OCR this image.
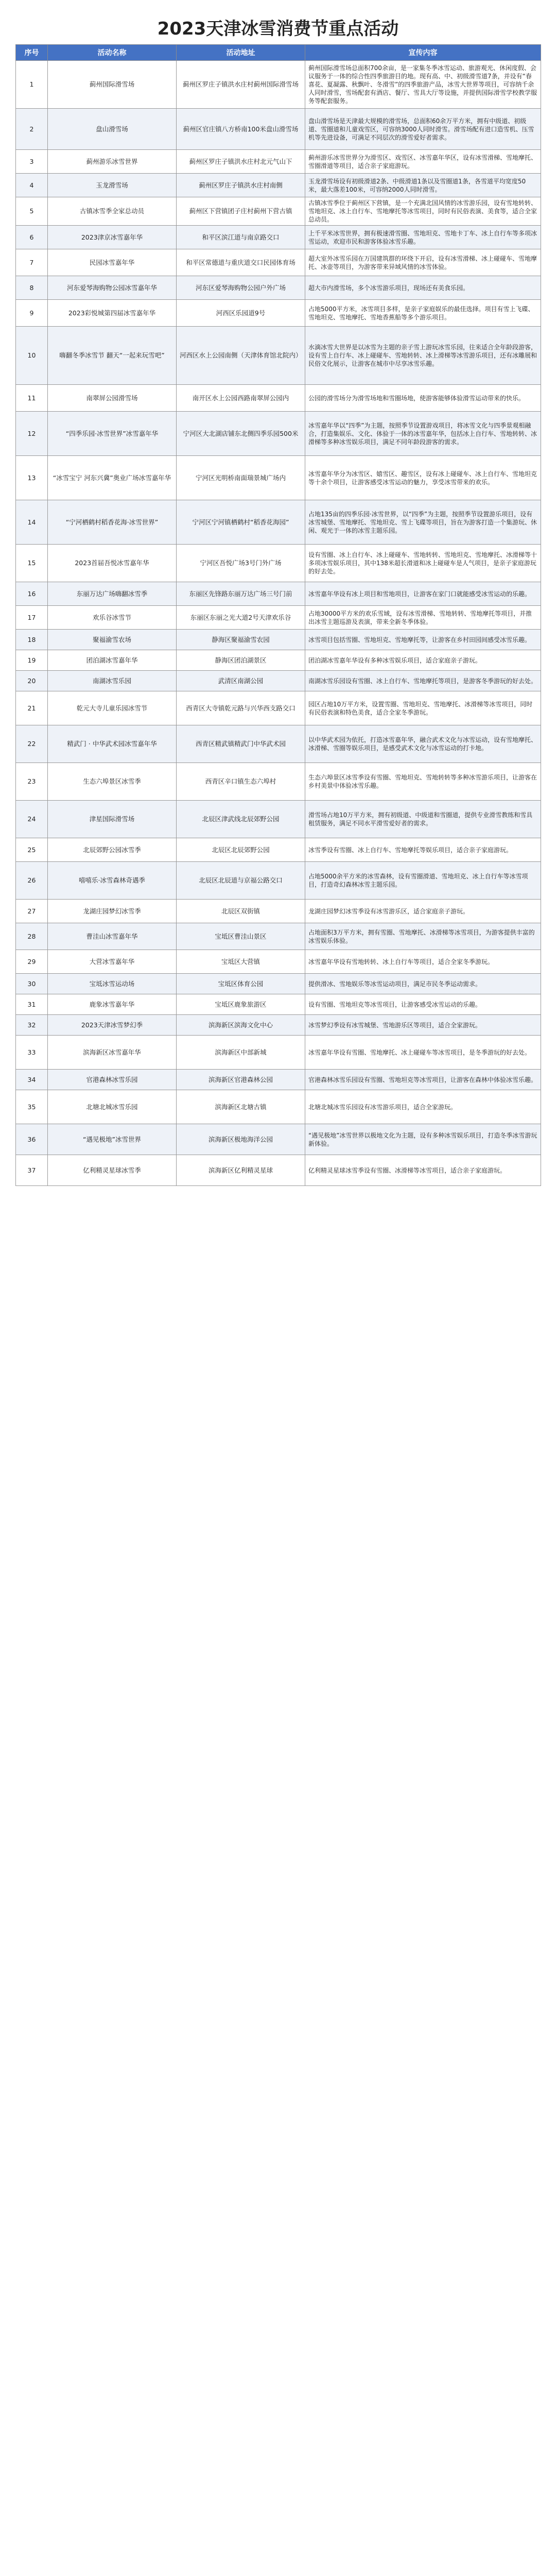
2023天津冰雪消费节重点活动
序号	活动名称	活动地址	宣传内容
1	蓟州国际滑雪场	蓟州区罗庄子镇洪水庄村蓟州国际滑雪场	蓟州国际滑雪场总面积700余亩，是一家集冬季冰雪运动、旅游观光、休闲度假、会议服务于一体的综合性四季旅游目的地。现有高、中、初级滑雪道7条，并设有“春喜花、夏凝露、秋飘叶、冬滑雪”的四季旅游产品，冰雪大世界等项目，可容纳千余人同时滑雪，雪场配套有酒店、餐厅、雪具大厅等设施，并提供国际滑雪学校教学服务等配套服务。
2	盘山滑雪场	蓟州区官庄镇八方桥南100米盘山滑雪场	盘山滑雪场是天津最大规模的滑雪场，总面积60余万平方米，拥有中级道、初级道、雪圈道和儿童戏雪区，可容纳3000人同时滑雪。滑雪场配有进口造雪机、压雪机等先进设备，可满足不同层次的滑雪爱好者需求。
3	蓟州游乐冰雪世界	蓟州区罗庄子镇洪水庄村北元气山下	蓟州游乐冰雪世界分为滑雪区、戏雪区、冰雪嘉年华区，设有冰雪滑梯、雪地摩托、雪圈滑道等项目，适合亲子家庭游玩。
4	玉龙滑雪场	蓟州区罗庄子镇洪水庄村南侧	玉龙滑雪场设有初级滑道2条、中级滑道1条以及雪圈道1条，各雪道平均宽度50米，最大落差100米，可容纳2000人同时滑雪。
5	古镇冰雪季全家总动员	蓟州区下营镇团子庄村蓟州下营古镇	古镇冰雪季位于蓟州区下营镇，是一个充满北国风情的冰雪游乐园，设有雪地转转、雪地坦克、冰上自行车、雪地摩托等冰雪项目，同时有民俗表演、美食等，适合全家总动员。
6	2023津京冰雪嘉年华	和平区滨江道与南京路交口	上千平米冰雪世界，拥有极速滑雪圈、雪地坦克、雪地卡丁车、冰上自行车等多项冰雪运动，欢迎市民和游客体验冰雪乐趣。
7	民园冰雪嘉年华	和平区常德道与重庆道交口民园体育场	超大室外冰雪乐园在万国建筑群的环绕下开启，设有冰雪滑梯、冰上碰碰车、雪地摩托、冰壶等项目，为游客带来异域风情的冰雪体验。
8	河东爱琴海购物公园冰雪嘉年华	河东区爱琴海购物公园户外广场	超大市内滑雪场，多个冰雪游乐项目，现场还有美食乐园。
9	2023彩悦城第四届冰雪嘉年华	河西区乐园道9号	占地5000平方米，冰雪项目多样，是亲子家庭娱乐的最佳选择。项目有雪上飞碟、雪地坦克、雪地摩托、雪地香蕉船等多个游乐项目。
10	嗨翻冬季冰雪节 翻天“一起来玩雪吧”	河西区水上公园南侧（天津体育馆北院内）	水滴冰雪大世界是以冰雪为主题的亲子雪上游玩冰雪乐园，往来适合全年龄段游客，设有雪上自行车、冰上碰碰车、雪地转转、冰上滑梯等冰雪游乐项目，还有冰雕展和民俗文化展示，让游客在城市中尽享冰雪乐趣。
11	南翠屏公园滑雪场	南开区水上公园西路南翠屏公园内	公园的滑雪场分为滑雪场地和雪圈场地，使游客能够体验滑雪运动带来的快乐。
12	“四季乐园·冰雪世界”冰雪嘉年华	宁河区大北湖店铺东北侧四季乐园500米	冰雪嘉年华以“四季”为主题，按照季节设置游戏项目，将冰雪文化与四季景观相融合，打造集娱乐、文化、体验于一体的冰雪嘉年华，包括冰上自行车、雪地转转、冰滑梯等多种冰雪娱乐项目，满足不同年龄段游客的需求。
13	“冰雪宝宁 河东兴冀”奥业广场冰雪嘉年华	宁河区光明桥南面瑞景城广场内	冰雪嘉年华分为冰雪区、嬉雪区、趣雪区，设有冰上碰碰车、冰上自行车、雪地坦克等十余个项目，让游客感受冰雪运动的魅力，享受冰雪带来的欢乐。
14	“宁河栖鹤村稻香花海·冰雪世界”	宁河区宁河镇栖鹤村“稻香花海园”	占地135亩的四季乐园·冰雪世界，以“四季”为主题，按照季节设置游乐项目，设有冰雪城堡、雪地摩托、雪地坦克、雪上飞碟等项目，旨在为游客打造一个集游玩、休闲、观光于一体的冰雪主题乐园。
15	2023首届吾悦冰雪嘉年华	宁河区吾悦广场3号门外广场	设有雪圈、冰上自行车、冰上碰碰车、雪地转转、雪地坦克、雪地摩托、冰滑梯等十多项冰雪娱乐项目，其中138米超长滑道和冰上碰碰车是人气项目，是亲子家庭游玩的好去处。
16	东丽万达广场嗨翻冰雪季	东丽区先锋路东丽万达广场三号门前	冰雪嘉年华设有冰上项目和雪地项目，让游客在家门口就能感受冰雪运动的乐趣。
17	欢乐谷冰雪节	东丽区东丽之光大道2号天津欢乐谷	占地30000平方米的欢乐雪域，设有冰雪滑梯、雪地转转、雪地摩托等项目，并推出冰雪主题巡游及表演，带来全新冬季体验。
18	聚福渝雪农场	静海区聚福渝雪农园	冰雪项目包括雪圈、雪地坦克、雪地摩托等，让游客在乡村田园间感受冰雪乐趣。
19	团泊湖冰雪嘉年华	静海区团泊湖景区	团泊湖冰雪嘉年华设有多种冰雪娱乐项目，适合家庭亲子游玩。
20	南湖冰雪乐园	武清区南湖公园	南湖冰雪乐园设有雪圈、冰上自行车、雪地摩托等项目，是游客冬季游玩的好去处。
21	乾元大寺儿童乐园冰雪节	西青区大寺镇乾元路与兴华西支路交口	园区占地10万平方米，设置雪圈、雪地坦克、雪地摩托、冰滑梯等冰雪项目，同时有民俗表演和特色美食，适合全家冬季游玩。
22	精武门 · 中华武术园冰雪嘉年华	西青区精武镇精武门中华武术园	以中华武术园为依托，打造冰雪嘉年华，融合武术文化与冰雪运动，设有雪地摩托、冰滑梯、雪圈等娱乐项目，是感受武术文化与冰雪运动的打卡地。
23	生态六埠景区冰雪季	西青区辛口镇生态六埠村	生态六埠景区冰雪季设有雪圈、雪地坦克、雪地转转等多种冰雪游乐项目，让游客在乡村美景中体验冰雪乐趣。
24	津星国际滑雪场	北辰区津武线北辰郊野公园	滑雪场占地10万平方米，拥有初级道、中级道和雪圈道，提供专业滑雪教练和雪具租赁服务，满足不同水平滑雪爱好者的需求。
25	北辰郊野公园冰雪季	北辰区北辰郊野公园	冰雪季设有雪圈、冰上自行车、雪地摩托等娱乐项目，适合亲子家庭游玩。
26	嘻嘻乐·冰雪森林奇遇季	北辰区北辰道与京福公路交口	占地5000余平方米的冰雪森林，设有雪圈滑道、雪地坦克、冰上自行车等冰雪项目，打造奇幻森林冰雪主题乐园。
27	龙湖庄园梦幻冰雪季	北辰区双街镇	龙湖庄园梦幻冰雪季设有冰雪游乐区，适合家庭亲子游玩。
28	曹洼山冰雪嘉年华	宝坻区曹洼山景区	占地面积3万平方米，拥有雪圈、雪地摩托、冰滑梯等冰雪项目，为游客提供丰富的冰雪娱乐体验。
29	大营冰雪嘉年华	宝坻区大营镇	冰雪嘉年华设有雪地转转、冰上自行车等项目，适合全家冬季游玩。
30	宝坻冰雪运动场	宝坻区体育公园	提供滑冰、雪地娱乐等冰雪运动项目，满足市民冬季运动需求。
31	鹿象冰雪嘉年华	宝坻区鹿象旅游区	设有雪圈、雪地坦克等冰雪项目，让游客感受冰雪运动的乐趣。
32	2023天津冰雪梦幻季	滨海新区滨海文化中心	冰雪梦幻季设有冰雪城堡、雪地游乐区等项目，适合全家游玩。
33	滨海新区冰雪嘉年华	滨海新区中部新城	冰雪嘉年华设有雪圈、雪地摩托、冰上碰碰车等冰雪项目，是冬季游玩的好去处。
34	官港森林冰雪乐园	滨海新区官港森林公园	官港森林冰雪乐园设有雪圈、雪地坦克等冰雪项目，让游客在森林中体验冰雪乐趣。
35	北塘北城冰雪乐园	滨海新区北塘古镇	北塘北城冰雪乐园设有冰雪游乐项目，适合全家游玩。
36	“遇见极地”冰雪世界	滨海新区极地海洋公园	“遇见极地”冰雪世界以极地文化为主题，设有多种冰雪娱乐项目，打造冬季冰雪游玩新体验。
37	亿利精灵星球冰雪季	滨海新区亿利精灵星球	亿利精灵星球冰雪季设有雪圈、冰滑梯等冰雪项目，适合亲子家庭游玩。
